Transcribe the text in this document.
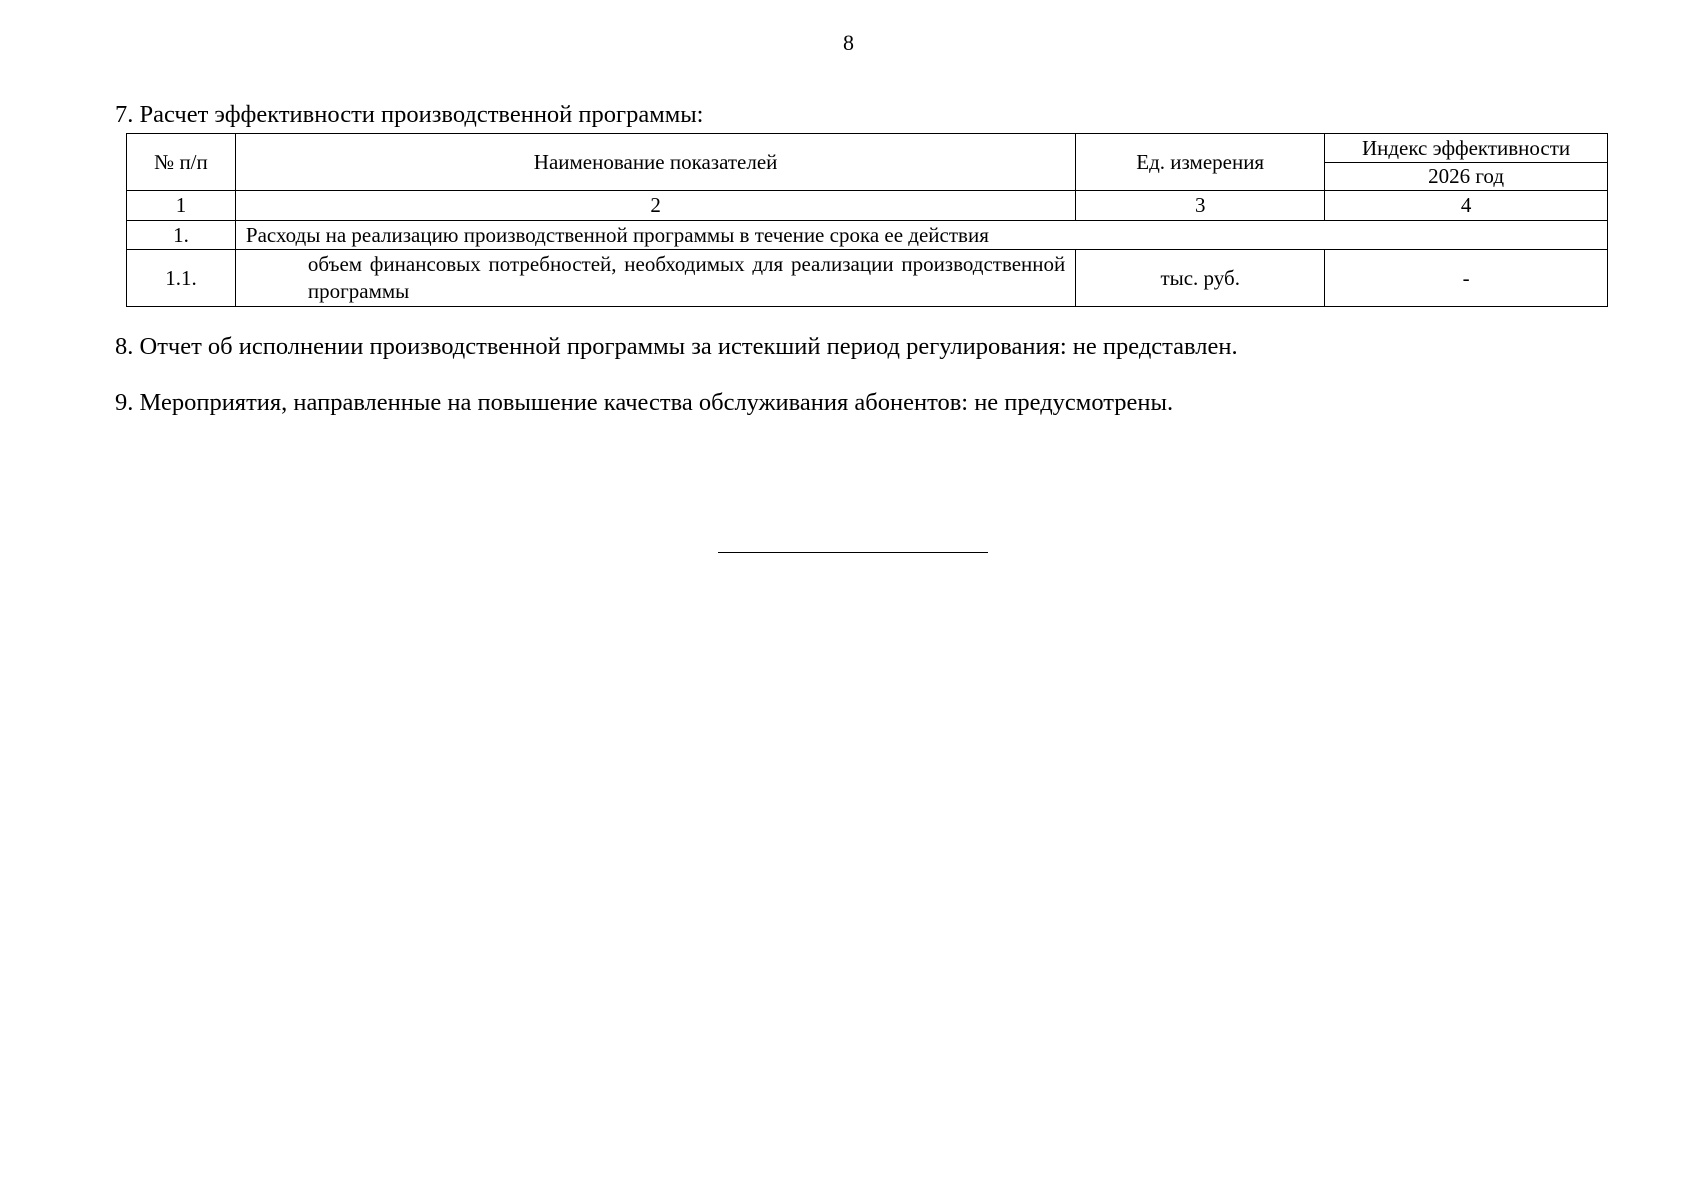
8
7. Расчет эффективности производственной программы:
№ п/п	Наименование показателей	Ед. измерения	Индекс эффективности
			2026 год
1	2	3	4
1.	Расходы на реализацию производственной программы в течение срока ее действия		
1.1.	объем финансовых потребностей, необходимых для реализации производственной программы	тыс. руб.	-
8. Отчет об исполнении производственной программы за истекший период регулирования: не представлен.
9. Мероприятия, направленные на повышение качества обслуживания абонентов: не предусмотрены.
